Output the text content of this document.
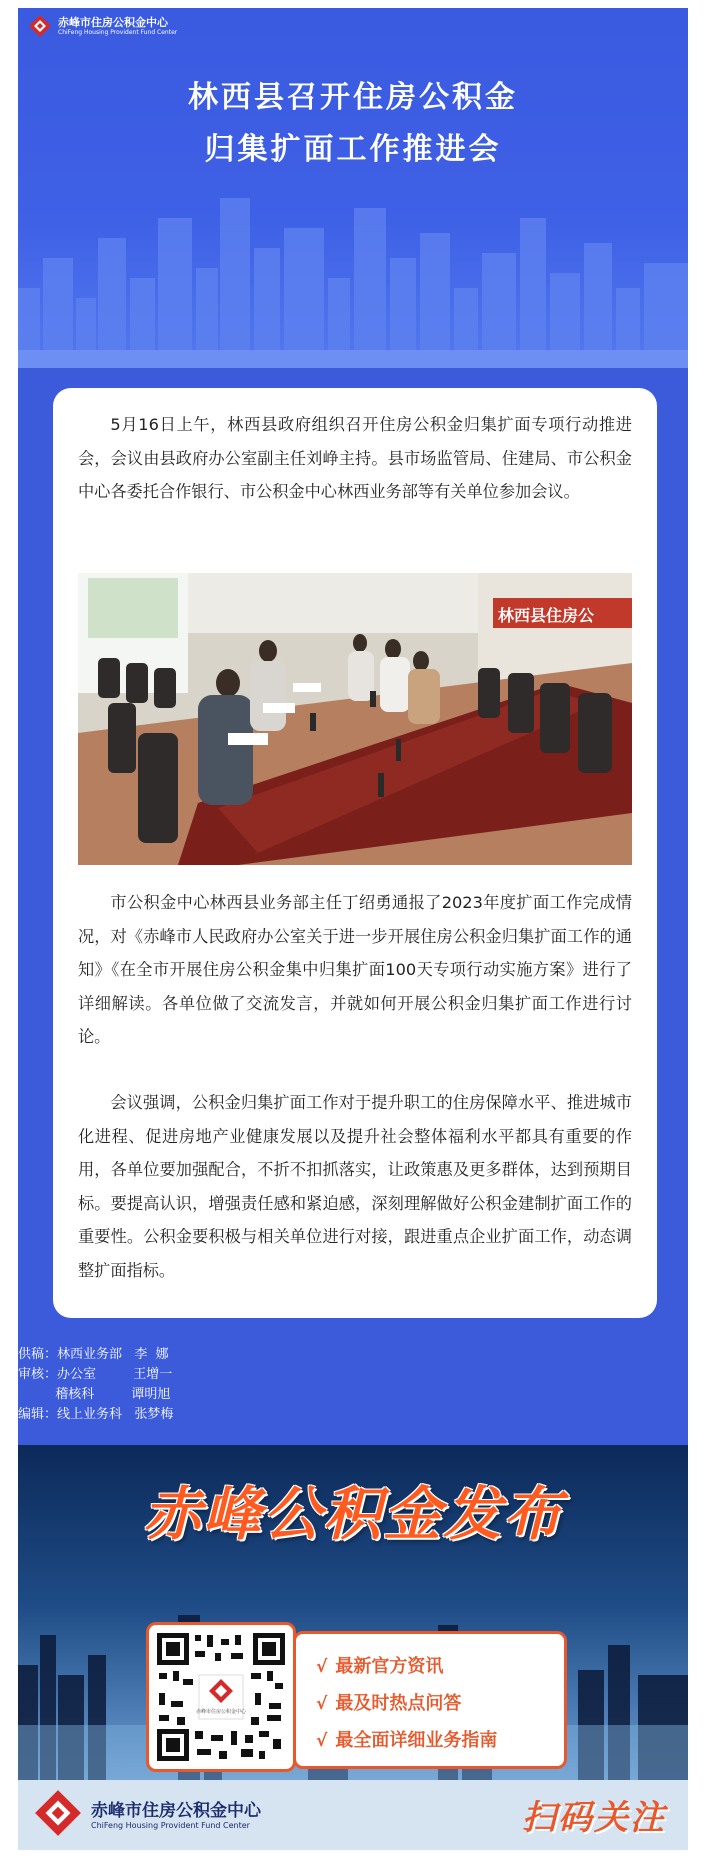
赤峰市住房公积金中心
ChiFeng Housing Provident Fund Center
林西县召开住房公积金
归集扩面工作推进会

5月16日上午，林西县政府组织召开住房公积金归集扩面专项行动推进会，会议由县政府办公室副主任刘峥主持。县市场监管局、住建局、市公积金中心各委托合作银行、市公积金中心林西业务部等有关单位参加会议。

林西县住房公

市公积金中心林西县业务部主任丁绍勇通报了2023年度扩面工作完成情况，对《赤峰市人民政府办公室关于进一步开展住房公积金归集扩面工作的通知》《在全市开展住房公积金集中归集扩面100天专项行动实施方案》进行了详细解读。各单位做了交流发言，并就如何开展公积金归集扩面工作进行讨论。

会议强调，公积金归集扩面工作对于提升职工的住房保障水平、推进城市化进程、促进房地产业健康发展以及提升社会整体福利水平都具有重要的作用，各单位要加强配合，不折不扣抓落实，让政策惠及更多群体，达到预期目标。要提高认识，增强责任感和紧迫感，深刻理解做好公积金建制扩面工作的重要性。公积金要积极与相关单位进行对接，跟进重点企业扩面工作，动态调整扩面指标。

供稿：林西业务部   李  娜
审核：办公室         王增一
稽核科         谭明旭
编辑：线上业务科   张梦梅
赤峰公积金发布
赤峰市住房公积金中心
√ 最新官方资讯
√ 最及时热点问答
√ 最全面详细业务指南
赤峰市住房公积金中心
ChiFeng Housing Provident Fund Center	扫码关注
